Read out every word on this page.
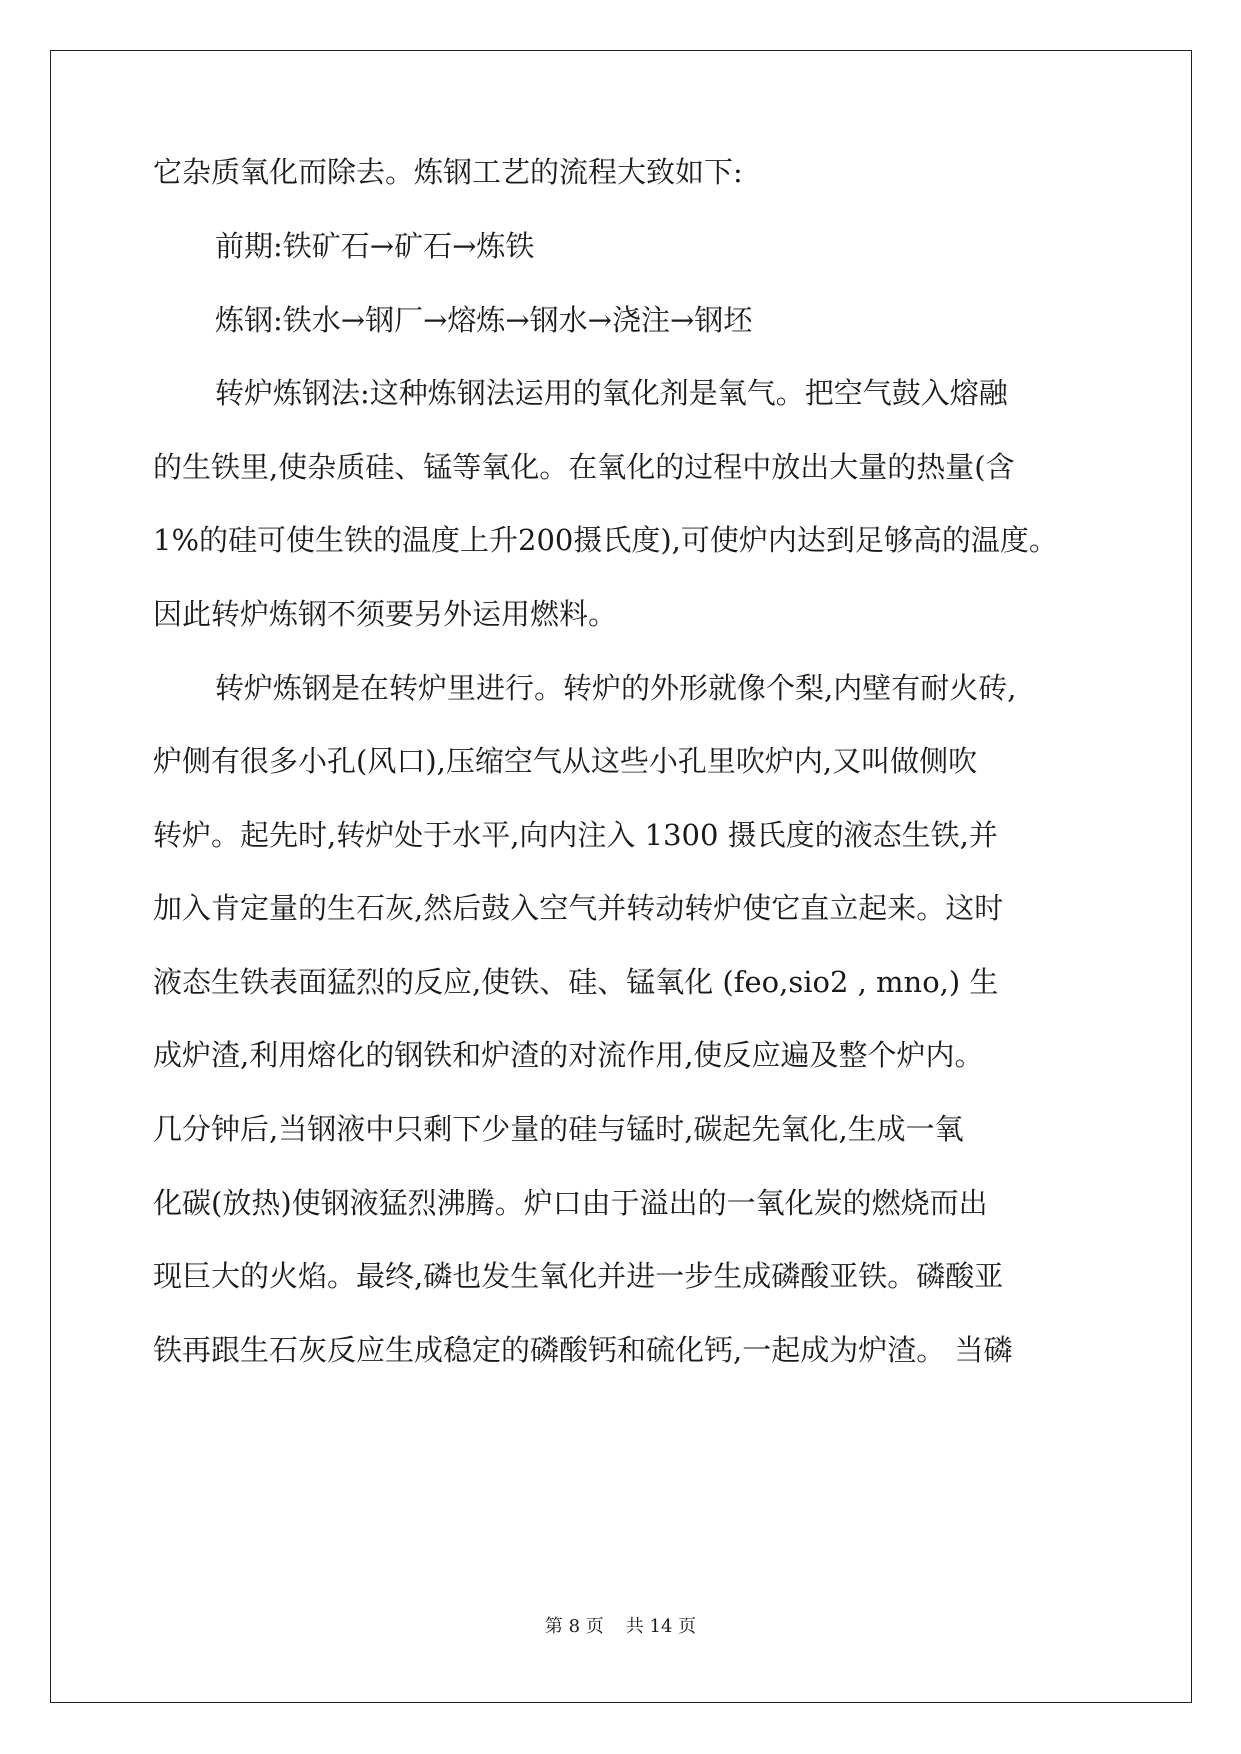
它杂质氧化而除去。炼钢工艺的流程大致如下:
前期:铁矿石→矿石→炼铁
炼钢:铁水→钢厂→熔炼→钢水→浇注→钢坯
转炉炼钢法:这种炼钢法运用的氧化剂是氧气。把空气鼓入熔融
的生铁里,使杂质硅、锰等氧化。在氧化的过程中放出大量的热量(含
1%的硅可使生铁的温度上升200摄氏度),可使炉内达到足够高的温度。
因此转炉炼钢不须要另外运用燃料。
转炉炼钢是在转炉里进行。转炉的外形就像个梨,内壁有耐火砖,
炉侧有很多小孔(风口),压缩空气从这些小孔里吹炉内,又叫做侧吹
转炉。起先时,转炉处于水平,向内注入 1300 摄氏度的液态生铁,并
加入肯定量的生石灰,然后鼓入空气并转动转炉使它直立起来。这时
液态生铁表面猛烈的反应,使铁、硅、锰氧化 (feo,sio2 , mno,) 生
成炉渣,利用熔化的钢铁和炉渣的对流作用,使反应遍及整个炉内。
几分钟后,当钢液中只剩下少量的硅与锰时,碳起先氧化,生成一氧
化碳(放热)使钢液猛烈沸腾。炉口由于溢出的一氧化炭的燃烧而出
现巨大的火焰。最终,磷也发生氧化并进一步生成磷酸亚铁。磷酸亚
铁再跟生石灰反应生成稳定的磷酸钙和硫化钙,一起成为炉渣。 当磷
第 8 页 共 14 页
